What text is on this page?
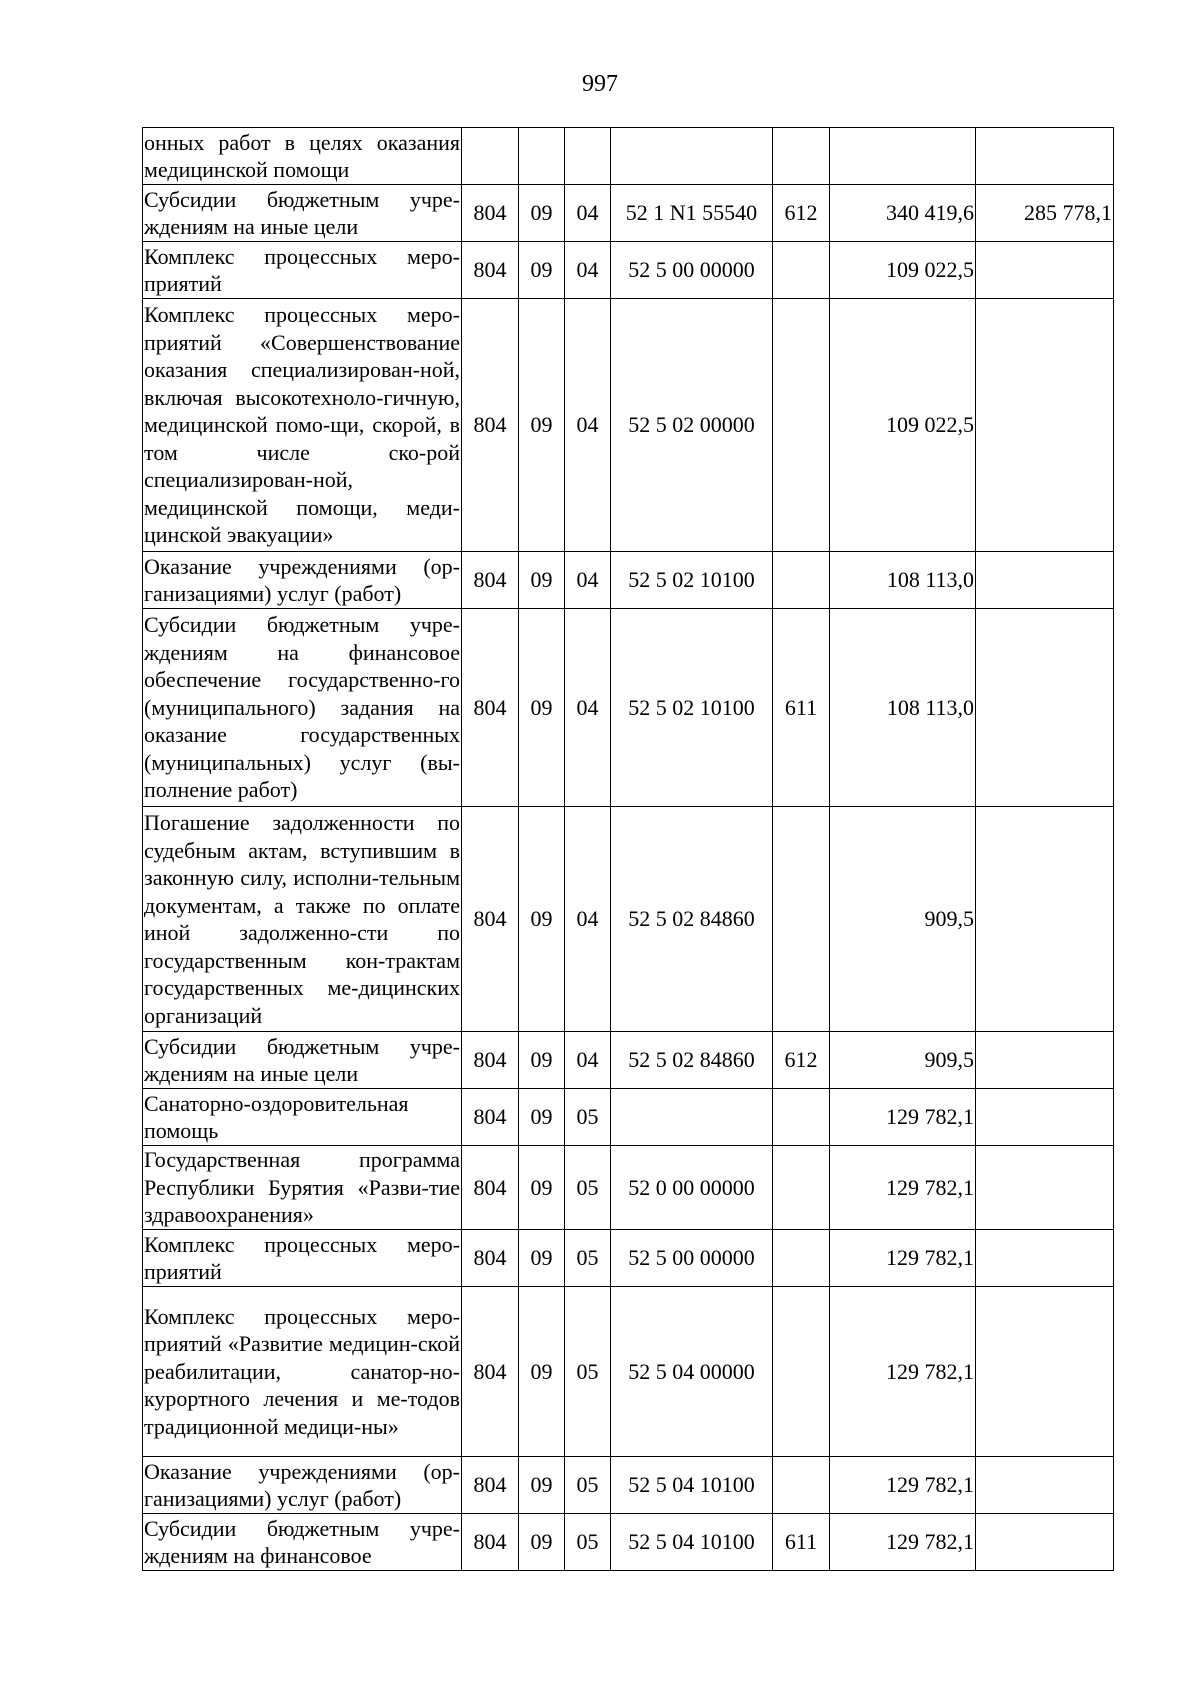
997
онных работ в целях оказания медицинской помощи							
Субсидии бюджетным учре-ждениям на иные цели	804	09	04	52 1 N1 55540	612	340 419,6	285 778,1
Комплекс процессных меро-приятий	804	09	04	52 5 00 00000		109 022,5	
Комплекс процессных меро-приятий «Совершенствование оказания специализирован-ной, включая высокотехноло-гичную, медицинской помо-щи, скорой, в том числе ско-рой специализирован-ной, медицинской помощи, меди-цинской эвакуации»	804	09	04	52 5 02 00000		109 022,5	
Оказание учреждениями (ор-ганизациями) услуг (работ)	804	09	04	52 5 02 10100		108 113,0	
Субсидии бюджетным учре-ждениям на финансовое обеспечение государственно-го (муниципального) задания на оказание государственных (муниципальных) услуг (вы-полнение работ)	804	09	04	52 5 02 10100	611	108 113,0	
Погашение задолженности по судебным актам, вступившим в законную силу, исполни-тельным документам, а также по оплате иной задолженно-сти по государственным кон-трактам государственных ме-дицинских организаций	804	09	04	52 5 02 84860		909,5	
Субсидии бюджетным учре-ждениям на иные цели	804	09	04	52 5 02 84860	612	909,5	
Санаторно-оздоровительная помощь	804	09	05			129 782,1	
Государственная программа Республики Бурятия «Разви-тие здравоохранения»	804	09	05	52 0 00 00000		129 782,1	
Комплекс процессных меро-приятий	804	09	05	52 5 00 00000		129 782,1	
Комплекс процессных меро-приятий «Развитие медицин-ской реабилитации, санатор-но-курортного лечения и ме-тодов традиционной медици-ны»	804	09	05	52 5 04 00000		129 782,1	
Оказание учреждениями (ор-ганизациями) услуг (работ)	804	09	05	52 5 04 10100		129 782,1	
Субсидии бюджетным учре-ждениям на финансовое	804	09	05	52 5 04 10100	611	129 782,1	
